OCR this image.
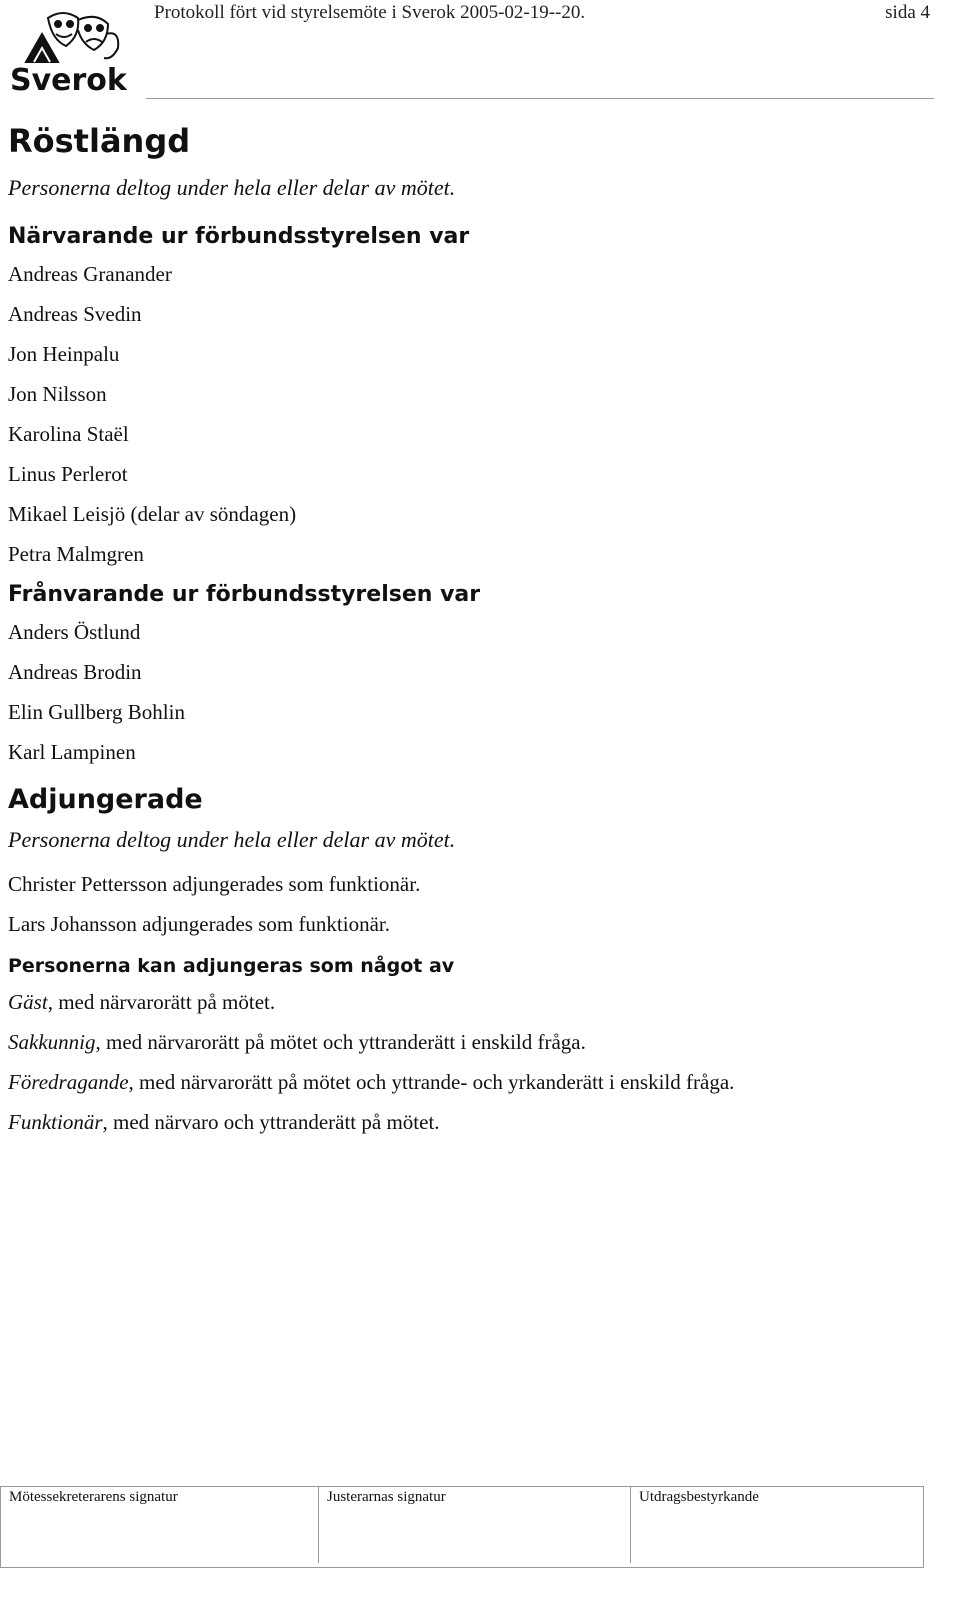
Sverok
Protokoll fört vid styrelsemöte i Sverok 2005-02-19--20.	sida 4
Röstlängd

Personerna deltog under hela eller delar av mötet.

Närvarande ur förbundsstyrelsen var

Andreas Granander

Andreas Svedin

Jon Heinpalu

Jon Nilsson

Karolina Staël

Linus Perlerot

Mikael Leisjö (delar av söndagen)

Petra Malmgren

Frånvarande ur förbundsstyrelsen var

Anders Östlund

Andreas Brodin

Elin Gullberg Bohlin

Karl Lampinen

Adjungerade

Personerna deltog under hela eller delar av mötet.

Christer Pettersson adjungerades som funktionär.

Lars Johansson adjungerades som funktionär.

Personerna kan adjungeras som något av

Gäst, med närvarorätt på mötet.

Sakkunnig, med närvarorätt på mötet och yttranderätt i enskild fråga.

Föredragande, med närvarorätt på mötet och yttrande- och yrkanderätt i enskild fråga.

Funktionär, med närvaro och yttranderätt på mötet.

Mötessekreterarens signatur	Justerarnas signatur	Utdragsbestyrkande
